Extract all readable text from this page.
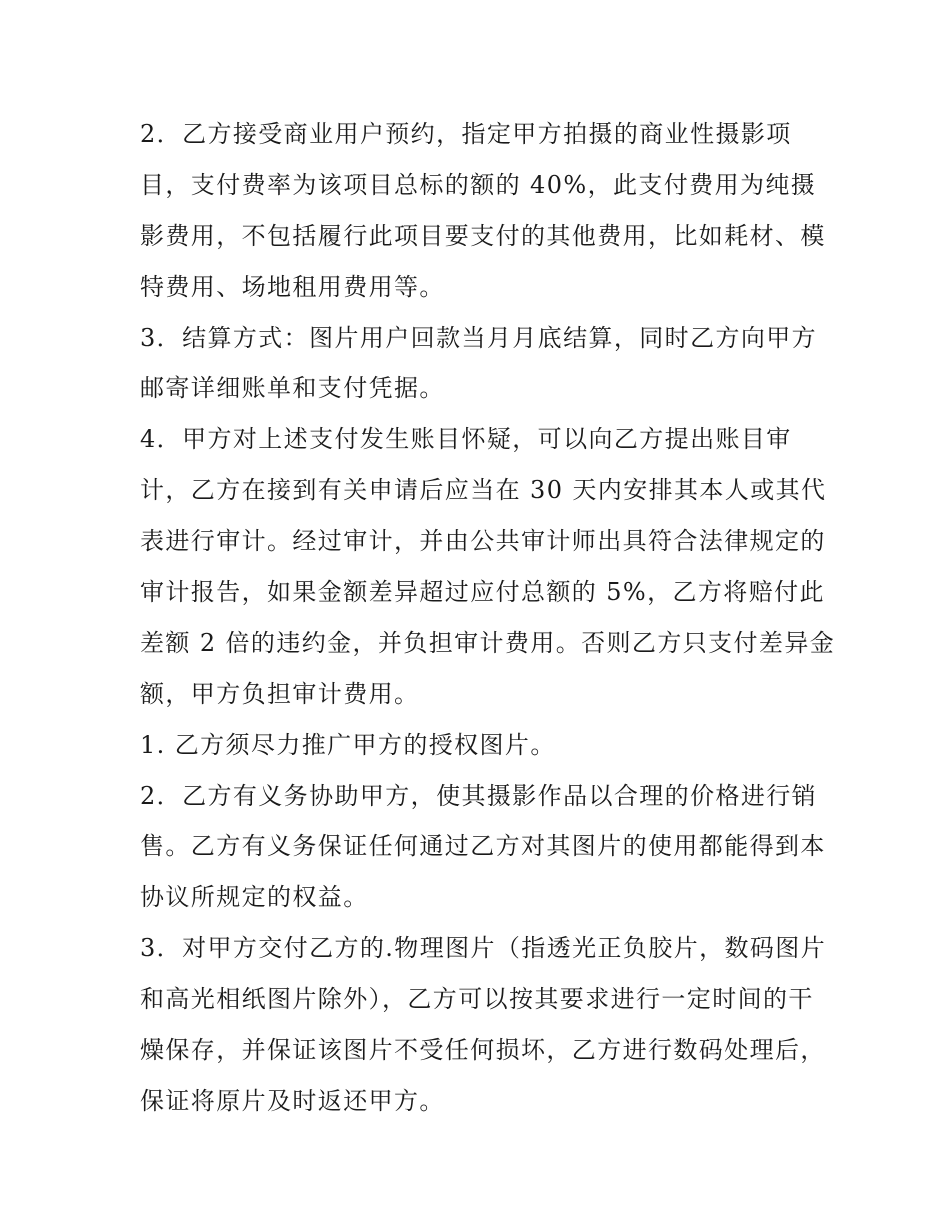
2．乙方接受商业用户预约，指定甲方拍摄的商业性摄影项
目，支付费率为该项目总标的额的 40%，此支付费用为纯摄
影费用，不包括履行此项目要支付的其他费用，比如耗材、模
特费用、场地租用费用等。
3．结算方式：图片用户回款当月月底结算，同时乙方向甲方
邮寄详细账单和支付凭据。
4．甲方对上述支付发生账目怀疑，可以向乙方提出账目审
计，乙方在接到有关申请后应当在 30 天内安排其本人或其代
表进行审计。经过审计，并由公共审计师出具符合法律规定的
审计报告，如果金额差异超过应付总额的 5%，乙方将赔付此
差额 2 倍的违约金，并负担审计费用。否则乙方只支付差异金
额，甲方负担审计费用。
1. 乙方须尽力推广甲方的授权图片。
2．乙方有义务协助甲方，使其摄影作品以合理的价格进行销
售。乙方有义务保证任何通过乙方对其图片的使用都能得到本
协议所规定的权益。
3．对甲方交付乙方的.物理图片（指透光正负胶片，数码图片
和高光相纸图片除外），乙方可以按其要求进行一定时间的干
燥保存，并保证该图片不受任何损坏，乙方进行数码处理后，
保证将原片及时返还甲方。
